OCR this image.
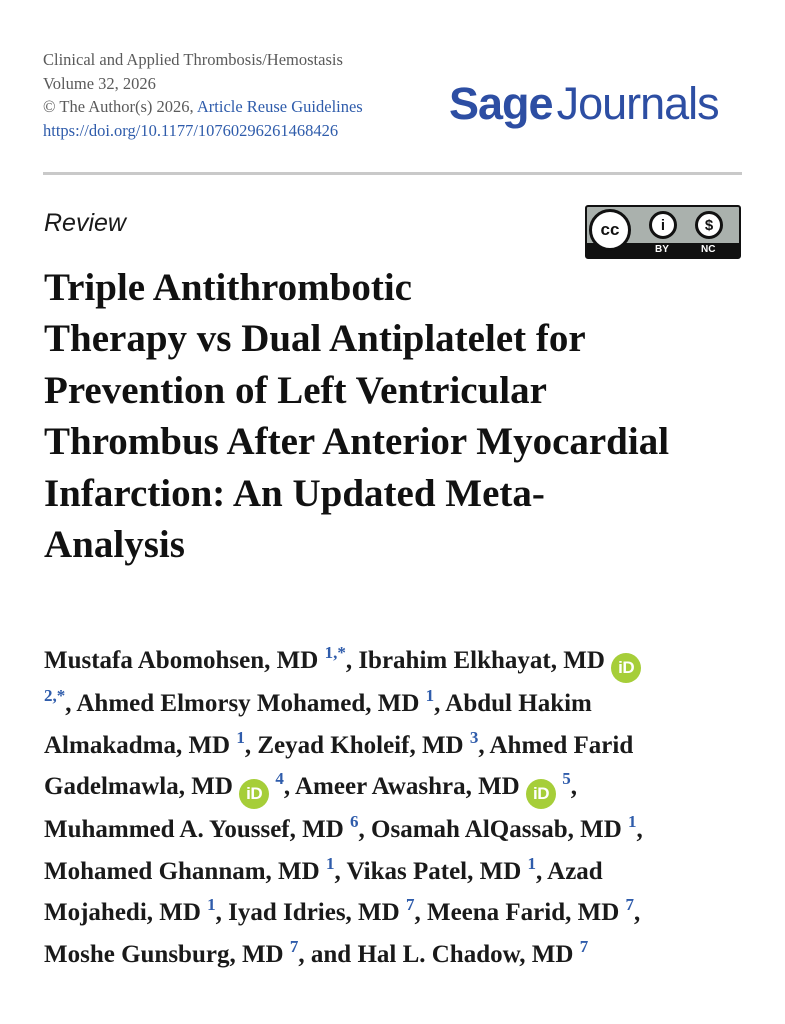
Clinical and Applied Thrombosis/Hemostasis
Volume 32, 2026
© The Author(s) 2026, Article Reuse Guidelines
https://doi.org/10.1177/10760296261468426
SageJournals
Review	cc	i	$
BY	NC
Triple Antithrombotic
Therapy vs Dual Antiplatelet for
Prevention of Left Ventricular
Thrombus After Anterior Myocardial
Infarction: An Updated Meta-
Analysis
Mustafa Abomohsen, MD $^{1,*}$, Ibrahim Elkhayat, MD iD
$^{2,*}$, Ahmed Elmorsy Mohamed, MD $^1$, Abdul Hakim
Almakadma, MD $^1$, Zeyad Kholeif, MD $^3$, Ahmed Farid
Gadelmawla, MD iD $^4$, Ameer Awashra, MD iD $^5$,
Muhammed A. Youssef, MD $^6$, Osamah AlQassab, MD $^1$,
Mohamed Ghannam, MD $^1$, Vikas Patel, MD $^1$, Azad
Mojahedi, MD $^1$, Iyad Idries, MD $^7$, Meena Farid, MD $^7$,
Moshe Gunsburg, MD $^7$, and Hal L. Chadow, MD $^7$
